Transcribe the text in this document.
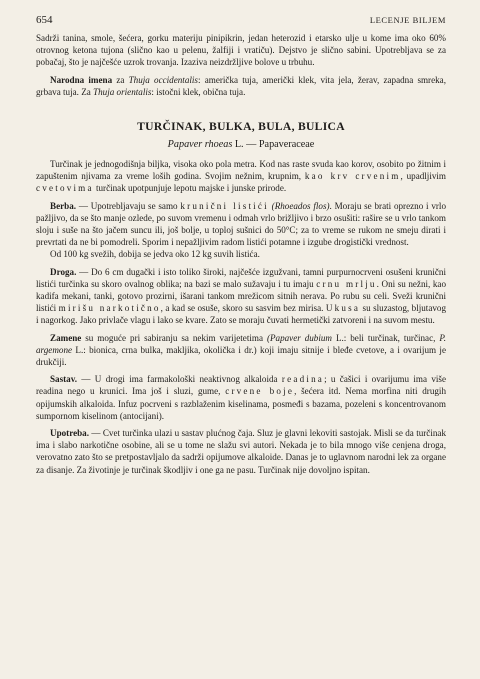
654	LECENJE BILJEM

Sadrži tanina, smole, šećera, gorku materiju pinipikrin, jedan heterozid i etarsko ulje u kome ima oko 60% otrovnog ketona tujona (slično kao u pelenu, žalfiji i vratiču). Dejstvo je slično sabini. Upotrebljava se za pobačaj, što je najčešće uzrok trovanja. Izaziva neizdržljive bolove u trbuhu.

Narodna imena za Thuja occidentalis: američka tuja, američki klek, vita jela, žerav, zapadna smreka, grbava tuja. Za Thuja orientalis: istočni klek, obična tuja.

TURČINAK, BULKA, BULA, BULICA
Papaver rhoeas L. — Papaveraceae

Turčinak je jednogodišnja biljka, visoka oko pola metra. Kod nas raste svuda kao korov, osobito po žitnim i zapuštenim njivama za vreme loših godina. Svojim nežnim, krupnim, kao krv crvenim, upadljivim cvetovima turčinak upotpunjuje lepotu majske i junske prirode.

Berba. — Upotrebljavaju se samo krunični listići (Rhoeados flos). Moraju se brati oprezno i vrlo pažljivo, da se što manje ozlede, po suvom vremenu i odmah vrlo brižljivo i brzo osušiti: raširе se u vrlo tankom sloju i suše na što jačem suncu ili, još bolje, u toploj sušnici do 50°C; za to vreme se rukom ne smeju dirati i prevrtati da ne bi pomodreli. Sporim i nepažljivim radom listići potamne i izgube drogistički vrednost.

Od 100 kg svežih, dobija se jedva oko 12 kg suvih listića.

Droga. — Do 6 cm dugački i isto toliko široki, najčešće izgužvani, tamni purpurnocrveni osušeni krunični listići turčinka su skoro ovalnog oblika; na bazi se malo sužavaju i tu imaju crnu mrlju. Oni su nežni, kao kadifa mekani, tanki, gotovo prozirni, išarani tankom mrežicom sitnih nerava. Po rubu su celi. Sveži krunični listići mirišu narkotično, a kad se osuše, skoro su sasvim bez mirisa. Ukusa su sluzastog, bljutavog i nagorkog. Jako privlače vlagu i lako se kvare. Zato se moraju čuvati hermetički zatvoreni i na suvom mestu.

Zamene su moguće pri sabiranju sa nekim varijetetima (Papaver dubium L.: beli turčinak, turčinac, P. argemone L.: bionica, crna bulka, makljika, okolička i dr.) koji imaju sitnije i bleđe cvetove, a i ovarijum je drukčiji.

Sastav. — U drogi ima farmakološki neaktivnog alkaloida readina; u čašici i ovarijumu ima više readina nego u krunici. Ima još i sluzi, gume, crvene boje, šećera itd. Nema morfina niti drugih opijumskih alkaloida. Infuz pocrveni s razblaženim kiselinama, posmeđi s bazama, pozeleni s koncentrovanom sumpornom kiselinom (antocijani).

Upotreba. — Cvet turčinka ulazi u sastav plućnog čaja. Sluz je glavni lekoviti sastojak. Misli se da turčinak ima i slabo narkotične osobine, ali se u tome ne slažu svi autori. Nekada je to bila mnogo više cenjena droga, verovatno zato što se pretpostavljalo da sadrži opijumove alkaloide. Danas je to uglavnom narodni lek za organe za disanje. Za životinje je turčinak škodljiv i one ga ne pasu. Turčinak nije dovoljno ispitan.
